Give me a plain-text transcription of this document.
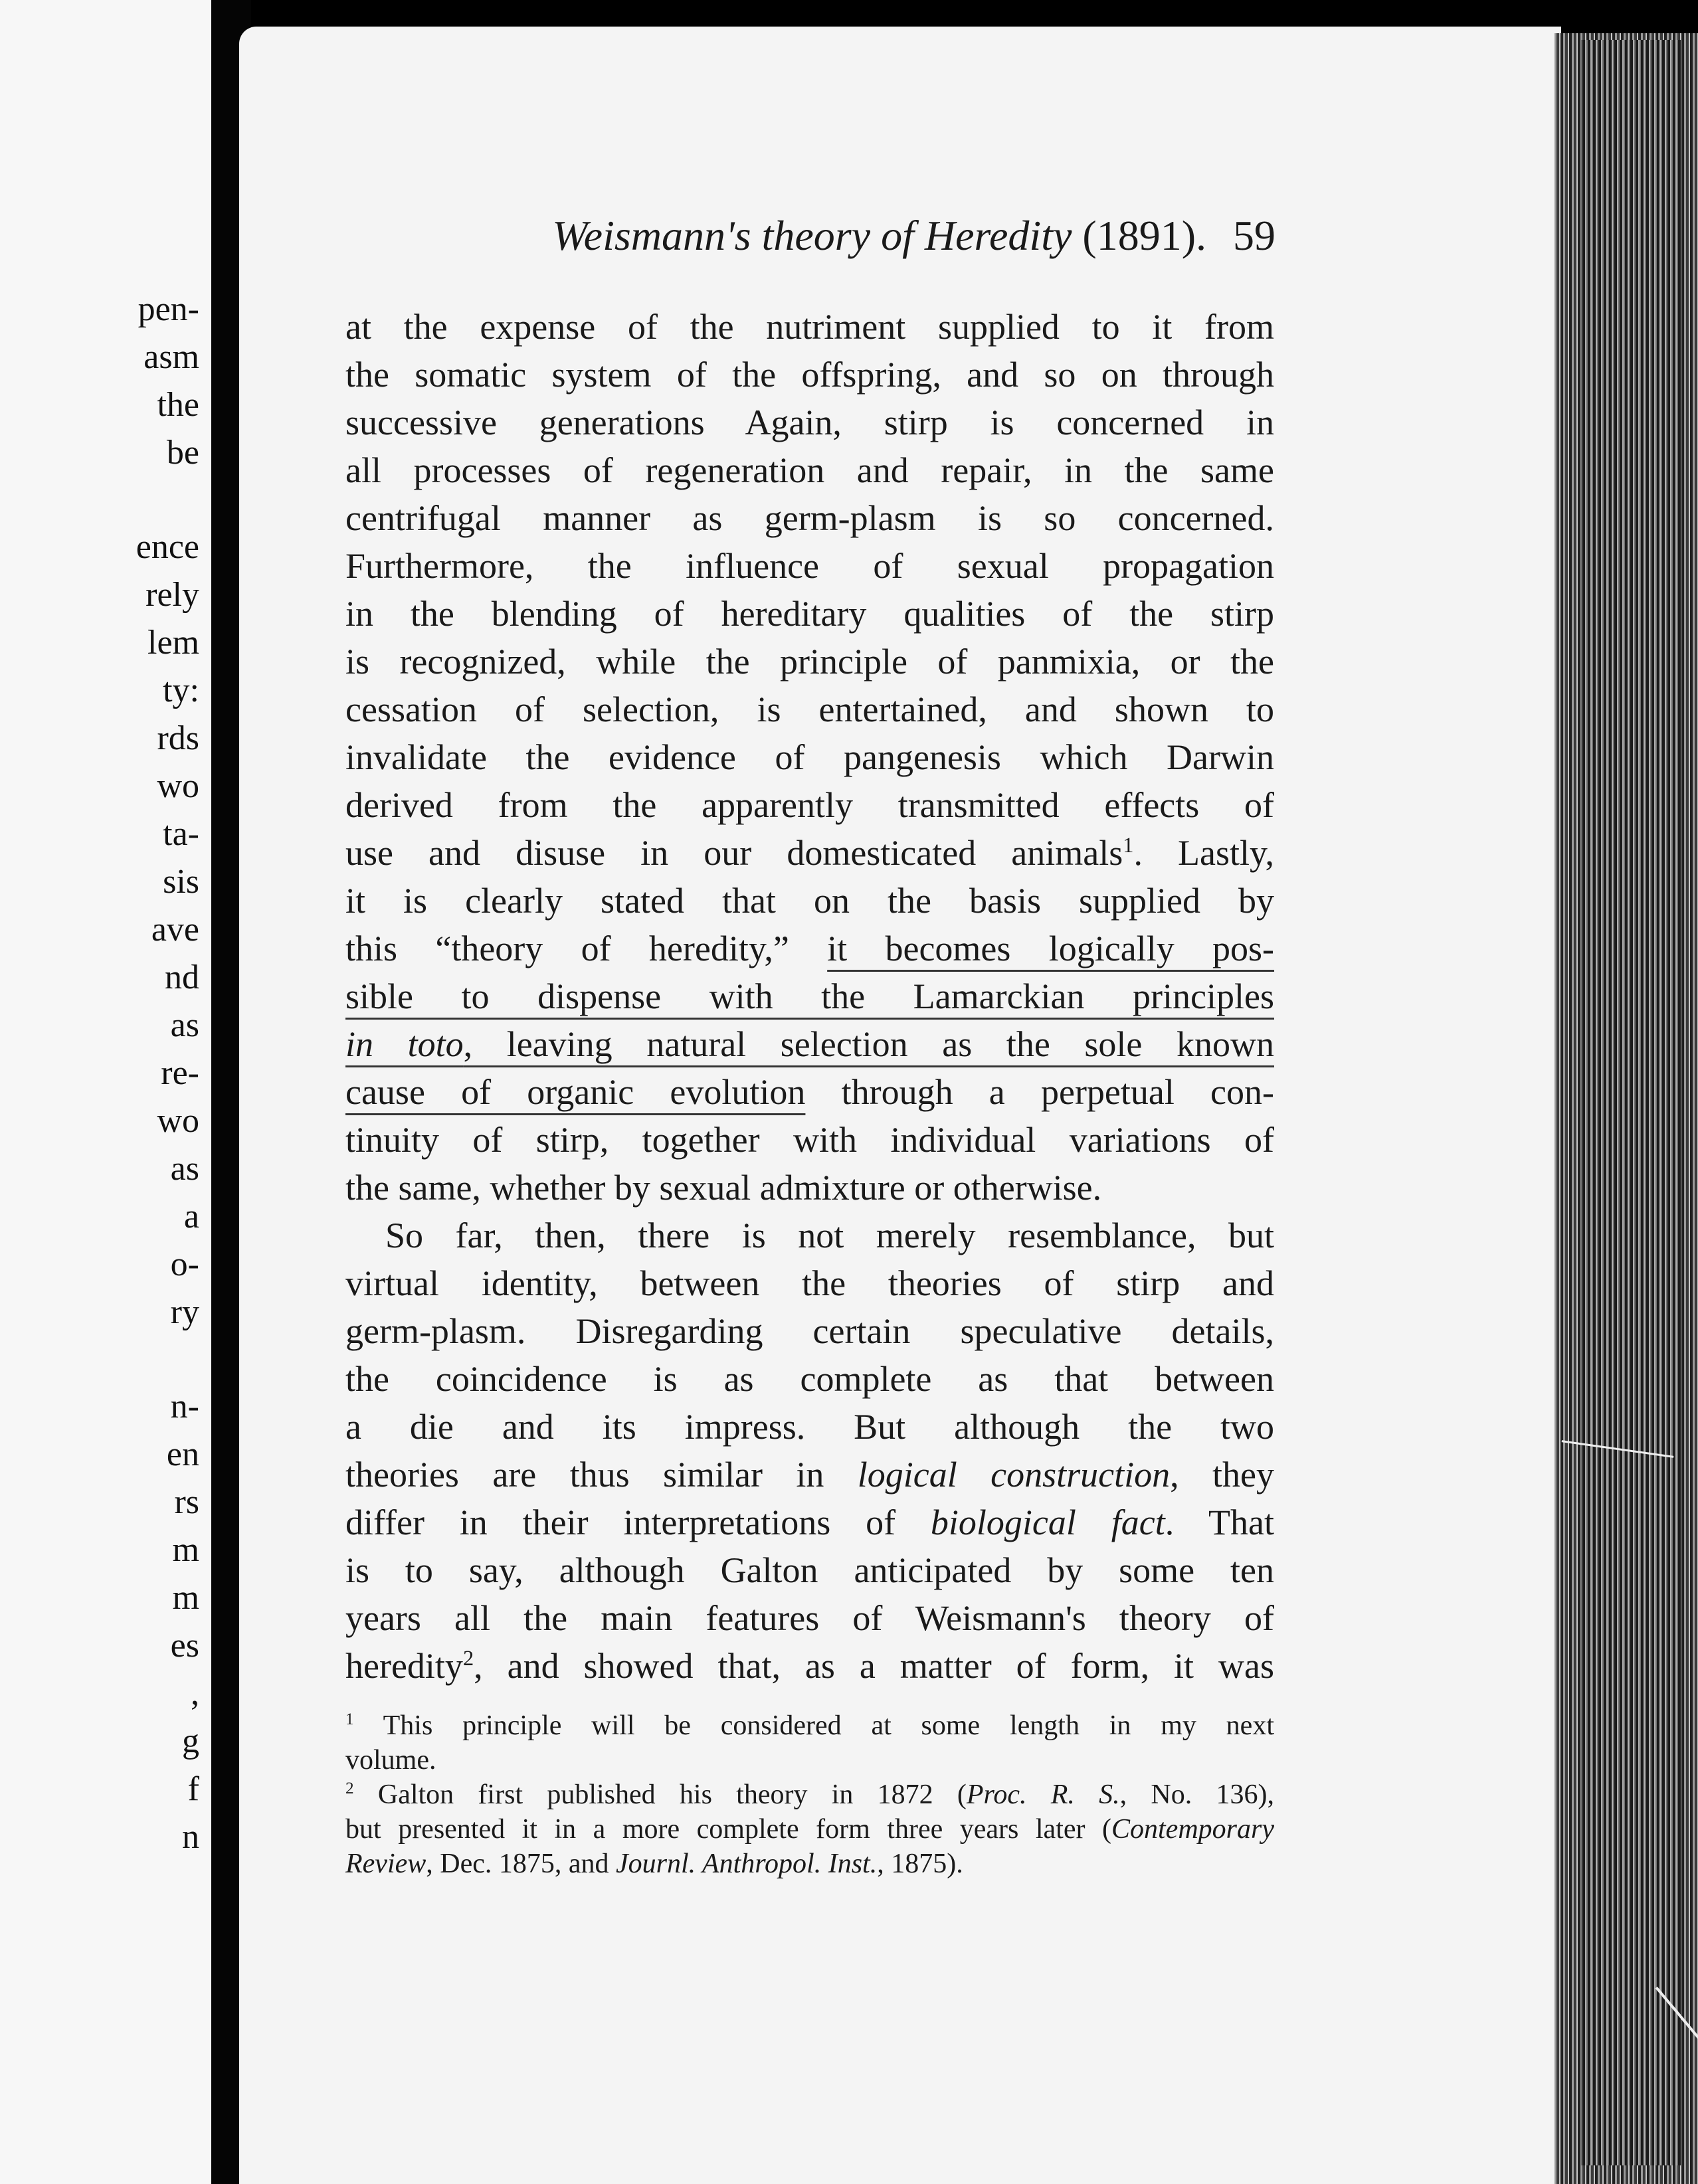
pen-
asm
the
be
ence
rely
lem
ty:
rds
wo
ta-
sis
ave
nd
as
re-
wo
as
a
o-
ry
n-
en
rs
m
m
es
,
g
f
n
Weismann's theory of Heredity (1891). 59
at the expense of the nutriment supplied to it from
the somatic system of the offspring, and so on through
successive generations Again, stirp is concerned in
all processes of regeneration and repair, in the same
centrifugal manner as germ-plasm is so concerned.
Furthermore, the influence of sexual propagation
in the blending of hereditary qualities of the stirp
is recognized, while the principle of panmixia, or the
cessation of selection, is entertained, and shown to
invalidate the evidence of pangenesis which Darwin
derived from the apparently transmitted effects of
use and disuse in our domesticated animals$^1$. Lastly,
it is clearly stated that on the basis supplied by
this “theory of heredity,” it becomes logically pos-
sible to dispense with the Lamarckian principles
in toto, leaving natural selection as the sole known
cause of organic evolution through a perpetual con-
tinuity of stirp, together with individual variations of
the same, whether by sexual admixture or otherwise.
So far, then, there is not merely resemblance, but
virtual identity, between the theories of stirp and
germ-plasm. Disregarding certain speculative details,
the coincidence is as complete as that between
a die and its impress. But although the two
theories are thus similar in logical construction, they
differ in their interpretations of biological fact. That
is to say, although Galton anticipated by some ten
years all the main features of Weismann's theory of
heredity$^2$, and showed that, as a matter of form, it was
$^1$ This principle will be considered at some length in my next
volume.
$^2$ Galton first published his theory in 1872 (Proc. R. S., No. 136),
but presented it in a more complete form three years later (Contemporary
Review, Dec. 1875, and Journl. Anthropol. Inst., 1875).
